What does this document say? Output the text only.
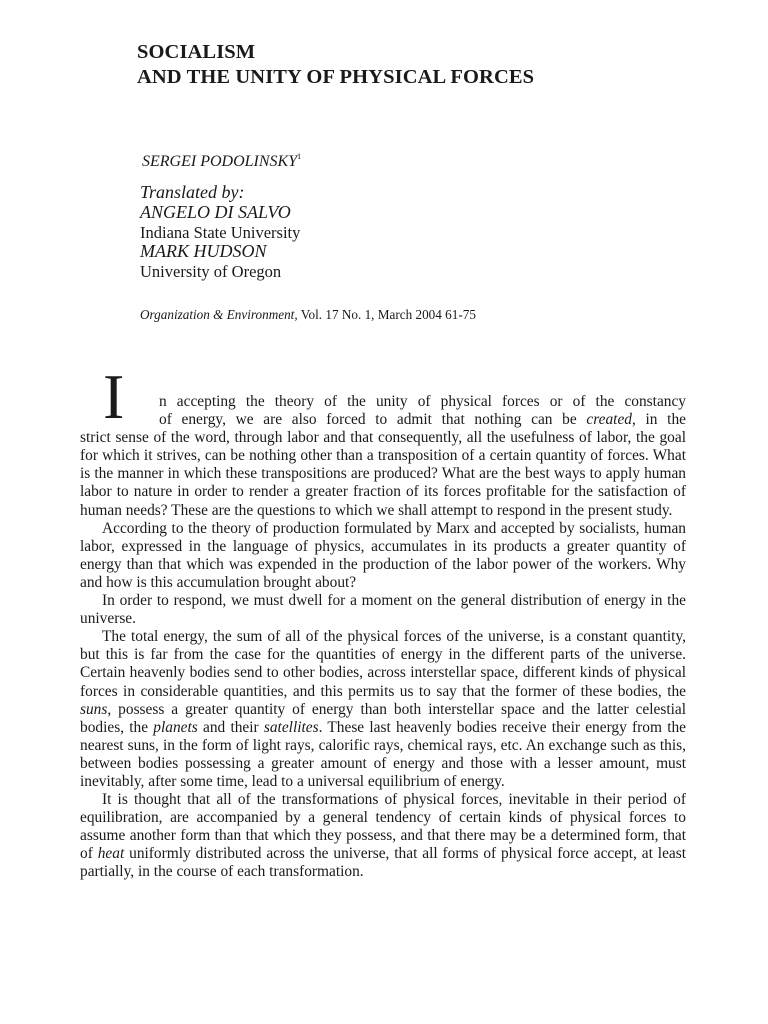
SOCIALISM
AND THE UNITY OF PHYSICAL FORCES
SERGEI PODOLINSKY$^1$
Translated by:
ANGELO DI SALVO
Indiana State University
MARK HUDSON
University of Oregon
Organization & Environment, Vol. 17 No. 1, March 2004 61-75
I	n accepting the theory of the unity of physical forces or of the constancy
of energy, we are also forced to admit that nothing can be created, in the
strict sense of the word, through labor and that consequently, all the usefulness of labor, the goal for which it strives, can be nothing other than a transposition of a certain quantity of forces. What is the manner in which these transpositions are produced? What are the best ways to apply human labor to nature in order to render a greater fraction of its forces profitable for the satisfaction of human needs? These are the questions to which we shall attempt to respond in the present study.

According to the theory of production formulated by Marx and accepted by socialists, human labor, expressed in the language of physics, accumulates in its products a greater quantity of energy than that which was expended in the production of the labor power of the workers. Why and how is this accumulation brought about?

In order to respond, we must dwell for a moment on the general distribution of energy in the universe.

The total energy, the sum of all of the physical forces of the universe, is a constant quantity, but this is far from the case for the quantities of energy in the different parts of the universe. Certain heavenly bodies send to other bodies, across interstellar space, different kinds of physical forces in considerable quantities, and this permits us to say that the former of these bodies, the suns, possess a greater quantity of energy than both interstellar space and the latter celestial bodies, the planets and their satellites. These last heavenly bodies receive their energy from the nearest suns, in the form of light rays, calorific rays, chemical rays, etc. An exchange such as this, between bodies possessing a greater amount of energy and those with a lesser amount, must inevitably, after some time, lead to a universal equilibrium of energy.

It is thought that all of the transformations of physical forces, inevitable in their period of equilibration, are accompanied by a general tendency of certain kinds of physical forces to assume another form than that which they possess, and that there may be a determined form, that of heat uniformly distributed across the universe, that all forms of physical force accept, at least partially, in the course of each transformation.
